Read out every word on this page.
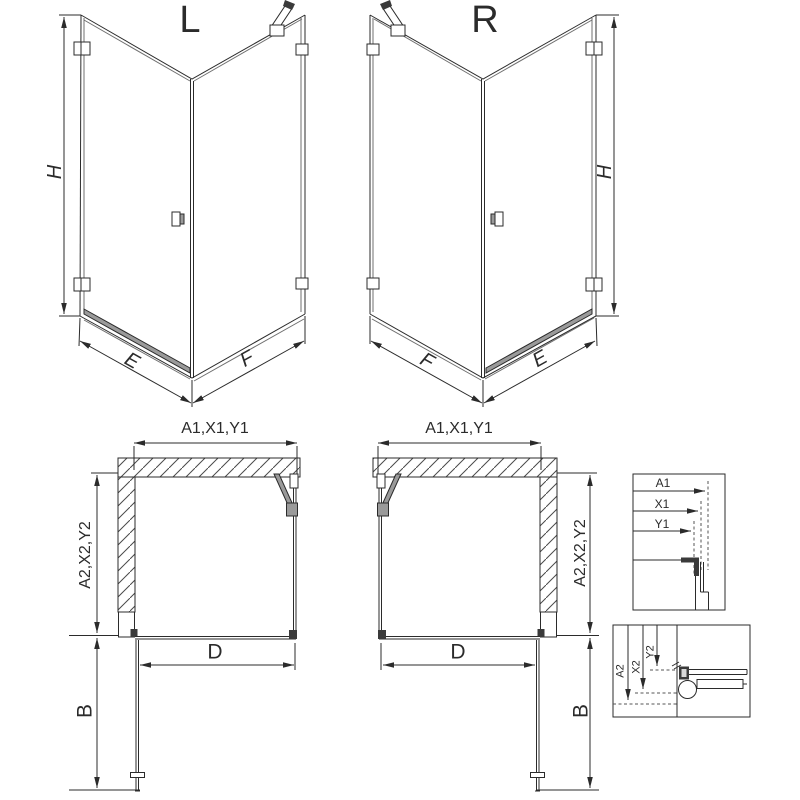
L	R
H
E	F
H
F	E
A1,X1,Y1
A2,X2,Y2
D
B
A1,X1,Y1
A2,X2,Y2
D
B
A1
X1
Y1
A2 X2
Y2
